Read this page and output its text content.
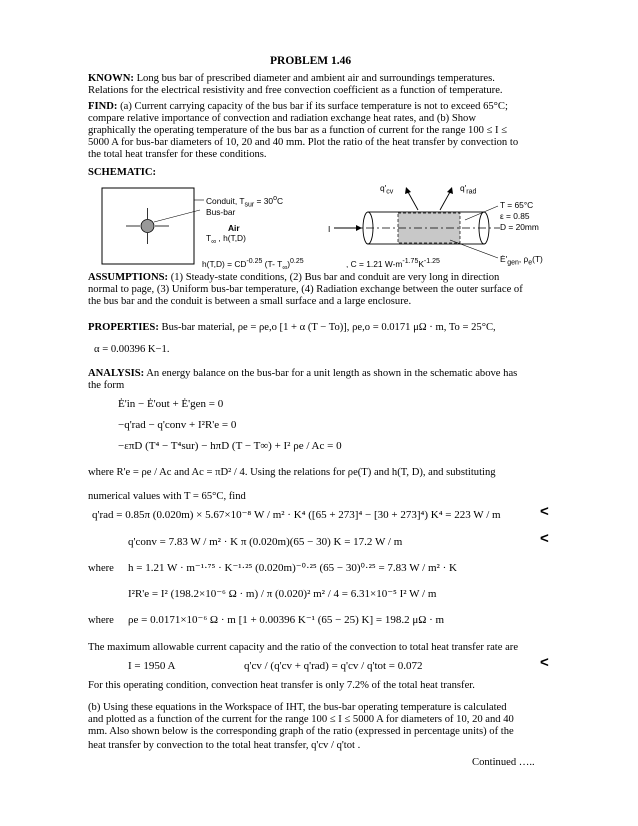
PROBLEM 1.46
KNOWN: Long bus bar of prescribed diameter and ambient air and surroundings temperatures.
Relations for the electrical resistivity and free convection coefficient as a function of temperature.
FIND: (a) Current carrying capacity of the bus bar if its surface temperature is not to exceed 65°C;
compare relative importance of convection and radiation exchange heat rates, and (b) Show
graphically the operating temperature of the bus bar as a function of current for the range 100 ≤ I ≤
5000 A for bus-bar diameters of 10, 20 and 40 mm. Plot the ratio of the heat transfer by convection to
the total heat transfer for these conditions.
SCHEMATIC:
Conduit, $T_{sur} = 30^oC$
Bus-bar
Air
$T_\infty$ , h(T,D)
$h(T,D) = CD^{-0.25}$ (T- $T_\infty)^{0.25}$	, C = 1.21 $W-m^{-1.75}K^{-1.25}$
$q'_{cv}$	$q'_{rad}$
I
T = 65°C
ε = 0.85
D = 20mm
$Ė'_{gen}$, $\rho_e(T)$
ASSUMPTIONS: (1) Steady-state conditions, (2) Bus bar and conduit are very long in direction
normal to page, (3) Uniform bus-bar temperature, (4) Radiation exchange between the outer surface of
the bus bar and the conduit is between a small surface and a large enclosure.
PROPERTIES: Bus-bar material, ρe = ρe,o [1 + α (T − To)], ρe,o = 0.0171 μΩ · m, To = 25°C,
α = 0.00396 K−1.
ANALYSIS: An energy balance on the bus-bar for a unit length as shown in the schematic above has
the form
Ė'in − Ė'out + Ė'gen = 0
−q'rad − q'conv + I²R'e = 0
−επD (T⁴ − T⁴sur) − hπD (T − T∞) + I² ρe / Ac = 0
where R'e = ρe / Ac and Ac = πD² / 4. Using the relations for ρe(T) and h(T, D), and substituting
numerical values with T = 65°C, find
q'rad = 0.85π (0.020m) × 5.67×10⁻⁸ W / m² · K⁴ ([65 + 273]⁴ − [30 + 273]⁴) K⁴ = 223 W / m	<
q'conv = 7.83 W / m² · K π (0.020m)(65 − 30) K = 17.2 W / m	<
where h = 1.21 W · m⁻¹·⁷⁵ · K⁻¹·²⁵ (0.020m)⁻⁰·²⁵ (65 − 30)⁰·²⁵ = 7.83 W / m² · K
I²R'e = I² (198.2×10⁻⁶ Ω · m) / π (0.020)² m² / 4 = 6.31×10⁻⁵ I² W / m
where ρe = 0.0171×10⁻⁶ Ω · m [1 + 0.00396 K⁻¹ (65 − 25) K] = 198.2 μΩ · m
The maximum allowable current capacity and the ratio of the convection to total heat transfer rate are
I = 1950 A	q'cv / (q'cv + q'rad) = q'cv / q'tot = 0.072	<
For this operating condition, convection heat transfer is only 7.2% of the total heat transfer.
(b) Using these equations in the Workspace of IHT, the bus-bar operating temperature is calculated
and plotted as a function of the current for the range 100 ≤ I ≤ 5000 A for diameters of 10, 20 and 40
mm. Also shown below is the corresponding graph of the ratio (expressed in percentage units) of the
heat transfer by convection to the total heat transfer, q'cv / q'tot .
Continued …..
